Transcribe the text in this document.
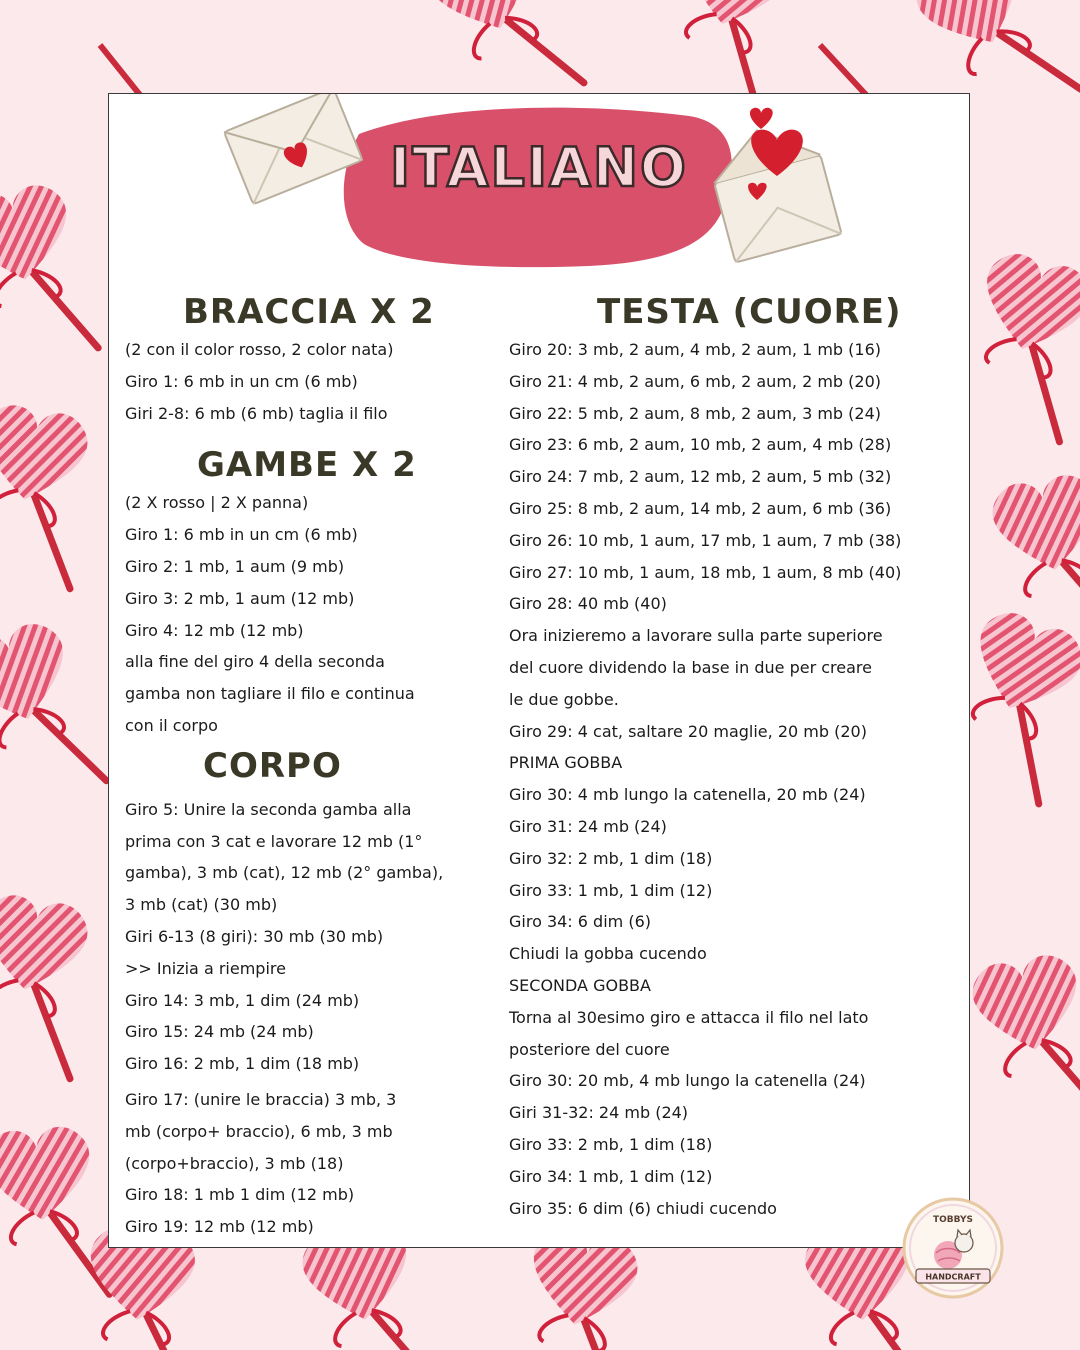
ITALIANO
BRACCIA X 2
(2 con il color rosso, 2 color nata)
Giro 1: 6 mb in un cm (6 mb)
Giri 2-8: 6 mb (6 mb) taglia il filo
GAMBE X 2
(2 X rosso | 2 X panna)
Giro 1: 6 mb in un cm (6 mb)
Giro 2: 1 mb, 1 aum (9 mb)
Giro 3: 2 mb, 1 aum (12 mb)
Giro 4: 12 mb (12 mb)
alla fine del giro 4 della seconda
gamba non tagliare il filo e continua
con il corpo
CORPO
Giro 5: Unire la seconda gamba alla
prima con 3 cat e lavorare 12 mb (1°
gamba), 3 mb (cat), 12 mb (2° gamba),
3 mb (cat) (30 mb)
Giri 6-13 (8 giri): 30 mb (30 mb)
>> Inizia a riempire
Giro 14: 3 mb, 1 dim (24 mb)
Giro 15: 24 mb (24 mb)
Giro 16: 2 mb, 1 dim (18 mb)
Giro 17: (unire le braccia) 3 mb, 3
mb (corpo+ braccio), 6 mb, 3 mb
(corpo+braccio), 3 mb (18)
Giro 18: 1 mb 1 dim (12 mb)
Giro 19: 12 mb (12 mb)
TESTA (CUORE)
Giro 20: 3 mb, 2 aum, 4 mb, 2 aum, 1 mb (16)
Giro 21: 4 mb, 2 aum, 6 mb, 2 aum, 2 mb (20)
Giro 22: 5 mb, 2 aum, 8 mb, 2 aum, 3 mb (24)
Giro 23: 6 mb, 2 aum, 10 mb, 2 aum, 4 mb (28)
Giro 24: 7 mb, 2 aum, 12 mb, 2 aum, 5 mb (32)
Giro 25: 8 mb, 2 aum, 14 mb, 2 aum, 6 mb (36)
Giro 26: 10 mb, 1 aum, 17 mb, 1 aum, 7 mb (38)
Giro 27: 10 mb, 1 aum, 18 mb, 1 aum, 8 mb (40)
Giro 28: 40 mb (40)
Ora inizieremo a lavorare sulla parte superiore
del cuore dividendo la base in due per creare
le due gobbe.
Giro 29: 4 cat, saltare 20 maglie, 20 mb (20)
PRIMA GOBBA
Giro 30: 4 mb lungo la catenella, 20 mb (24)
Giro 31: 24 mb (24)
Giro 32: 2 mb, 1 dim (18)
Giro 33: 1 mb, 1 dim (12)
Giro 34: 6 dim (6)
Chiudi la gobba cucendo
SECONDA GOBBA
Torna al 30esimo giro e attacca il filo nel lato
posteriore del cuore
Giro 30: 20 mb, 4 mb lungo la catenella (24)
Giri 31-32: 24 mb (24)
Giro 33: 2 mb, 1 dim (18)
Giro 34: 1 mb, 1 dim (12)
Giro 35: 6 dim (6) chiudi cucendo
TOBBYS
HANDCRAFT
